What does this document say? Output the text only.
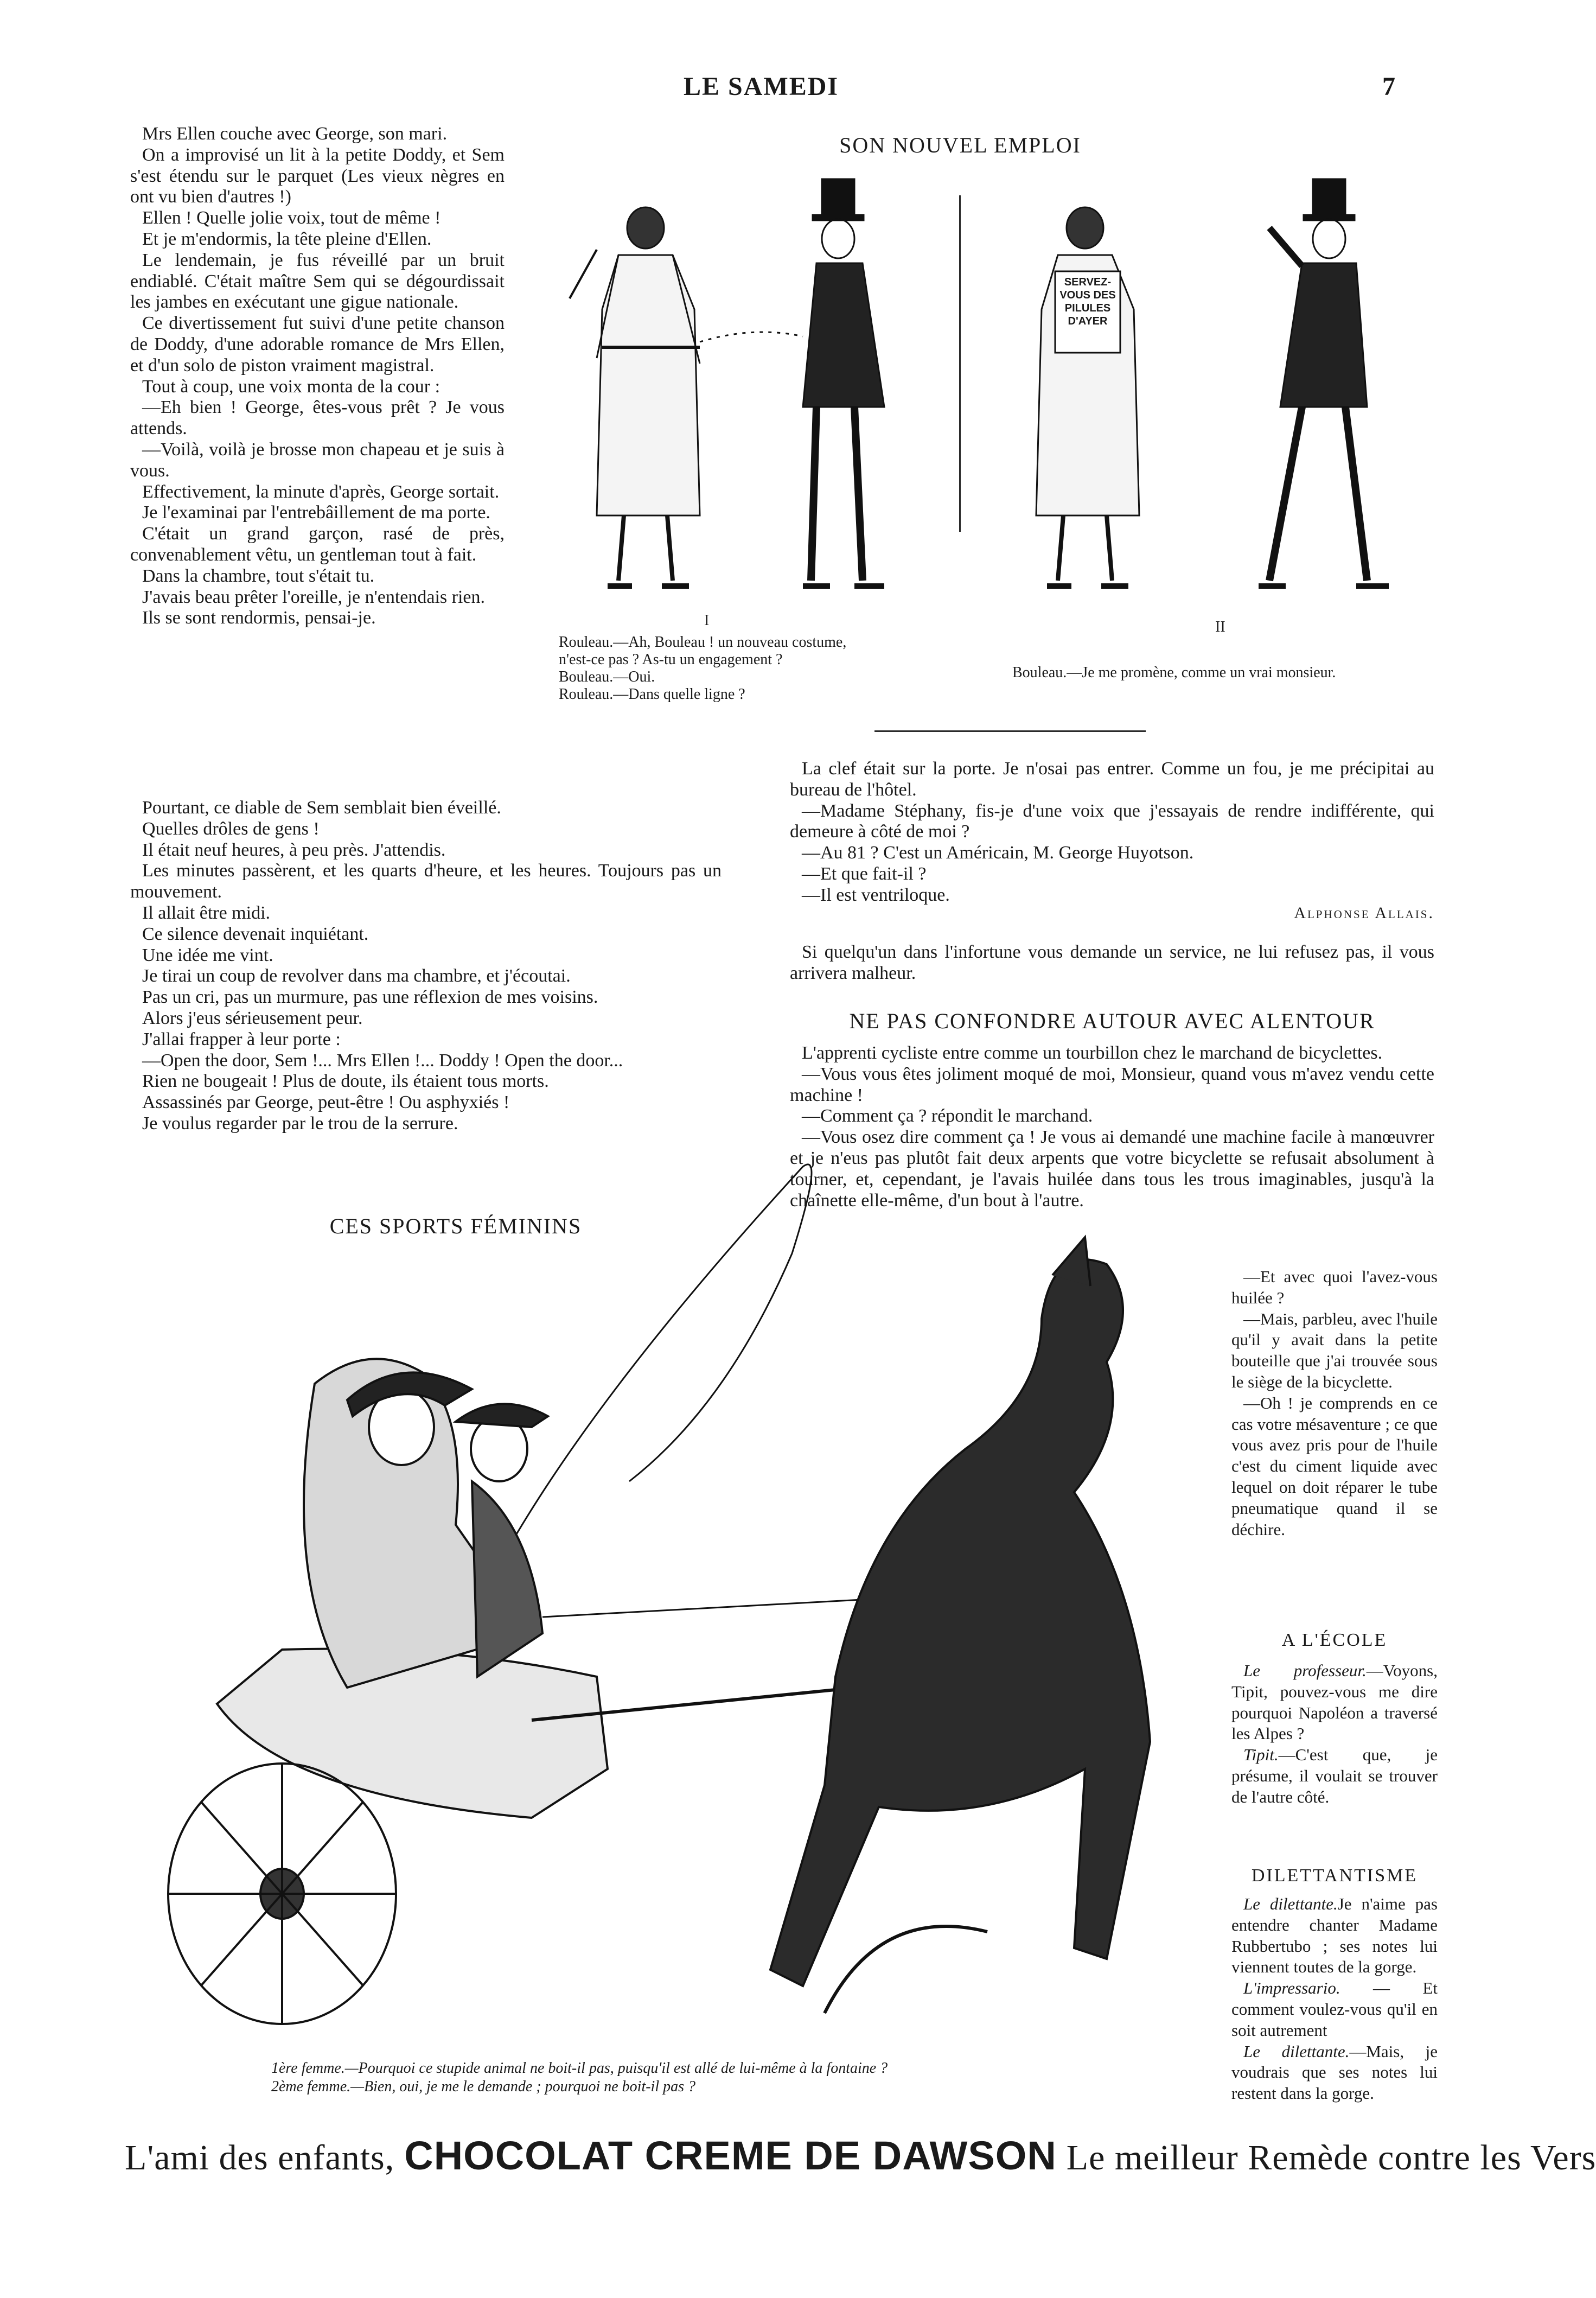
LE SAMEDI	7

Mrs Ellen couche avec George, son mari.

On a improvisé un lit à la petite Doddy, et Sem s'est étendu sur le parquet (Les vieux nègres en ont vu bien d'autres !)

Ellen ! Quelle jolie voix, tout de même !

Et je m'endormis, la tête pleine d'Ellen.

Le lendemain, je fus réveillé par un bruit endiablé. C'était maître Sem qui se dégourdissait les jambes en exécutant une gigue nationale.

Ce divertissement fut suivi d'une petite chanson de Doddy, d'une adorable romance de Mrs Ellen, et d'un solo de piston vraiment magistral.

Tout à coup, une voix monta de la cour :

—Eh bien ! George, êtes-vous prêt ? Je vous attends.

—Voilà, voilà je brosse mon chapeau et je suis à vous.

Effectivement, la minute d'après, George sortait.

Je l'examinai par l'entrebâillement de ma porte.

C'était un grand garçon, rasé de près, convenablement vêtu, un gentleman tout à fait.

Dans la chambre, tout s'était tu.

J'avais beau prêter l'oreille, je n'entendais rien.

Ils se sont rendormis, pensai-je.

Pourtant, ce diable de Sem semblait bien éveillé.

Quelles drôles de gens !

Il était neuf heures, à peu près. J'attendis.

Les minutes passèrent, et les quarts d'heure, et les heures. Toujours pas un mouvement.

Il allait être midi.

Ce silence devenait inquiétant.

Une idée me vint.

Je tirai un coup de revolver dans ma chambre, et j'écoutai.

Pas un cri, pas un murmure, pas une réflexion de mes voisins.

Alors j'eus sérieusement peur.

J'allai frapper à leur porte :

—Open the door, Sem !... Mrs Ellen !... Doddy ! Open the door...

Rien ne bougeait ! Plus de doute, ils étaient tous morts.

Assassinés par George, peut-être ! Ou asphyxiés !

Je voulus regarder par le trou de la serrure.

SON NOUVEL EMPLOI
SERVEZ-VOUS DES PILULES D'AYER
I
Rouleau.—Ah, Bouleau ! un nouveau costume, n'est-ce pas ? As-tu un engagement ?
Bouleau.—Oui.
Rouleau.—Dans quelle ligne ?
II
Bouleau.—Je me promène, comme un vrai monsieur.

La clef était sur la porte. Je n'osai pas entrer. Comme un fou, je me précipitai au bureau de l'hôtel.

—Madame Stéphany, fis-je d'une voix que j'essayais de rendre indifférente, qui demeure à côté de moi ?

—Au 81 ? C'est un Américain, M. George Huyotson.

—Et que fait-il ?

—Il est ventriloque.

Alphonse Allais.

Si quelqu'un dans l'infortune vous demande un service, ne lui refusez pas, il vous arrivera malheur.

NE PAS CONFONDRE AUTOUR AVEC ALENTOUR

L'apprenti cycliste entre comme un tourbillon chez le marchand de bicyclettes.

—Vous vous êtes joliment moqué de moi, Monsieur, quand vous m'avez vendu cette machine !

—Comment ça ? répondit le marchand.

—Vous osez dire comment ça ! Je vous ai demandé une machine facile à manœuvrer et je n'eus pas plutôt fait deux arpents que votre bicyclette se refusait absolument à tourner, et, cependant, je l'avais huilée dans tous les trous imaginables, jusqu'à la chaînette elle-même, d'un bout à l'autre.

—Et avec quoi l'avez-vous huilée ?

—Mais, parbleu, avec l'huile qu'il y avait dans la petite bouteille que j'ai trouvée sous le siège de la bicyclette.

—Oh ! je comprends en ce cas votre mésaventure ; ce que vous avez pris pour de l'huile c'est du ciment liquide avec lequel on doit réparer le tube pneumatique quand il se déchire.

A L'ÉCOLE

Le professeur.—Voyons, Tipit, pouvez-vous me dire pourquoi Napoléon a traversé les Alpes ?

Tipit.—C'est que, je présume, il voulait se trouver de l'autre côté.

DILETTANTISME

Le dilettante.Je n'aime pas entendre chanter Madame Rubbertubo ; ses notes lui viennent toutes de la gorge.

L'impressario. — Et comment voulez-vous qu'il en soit autrement

Le dilettante.—Mais, je voudrais que ses notes lui restent dans la gorge.

CES SPORTS FÉMININS
1ère femme.—Pourquoi ce stupide animal ne boit-il pas, puisqu'il est allé de lui-même à la fontaine ?
2ème femme.—Bien, oui, je me le demande ; pourquoi ne boit-il pas ?
L'ami des enfants, CHOCOLAT CREME DE DAWSON Le meilleur Remède contre les Vers
